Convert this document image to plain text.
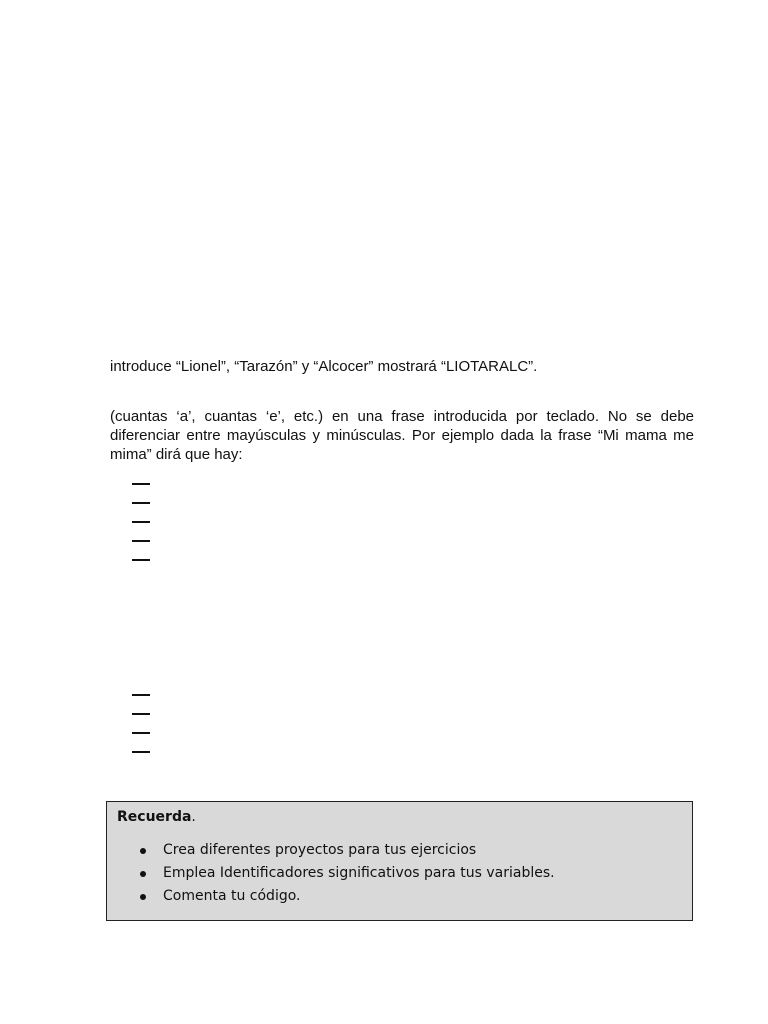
introduce “Lionel”, “Tarazón” y “Alcocer” mostrará “LIOTARALC”.

(cuantas ‘a’, cuantas ‘e’, etc.) en una frase introducida por teclado. No se debe diferenciar entre mayúsculas y minúsculas. Por ejemplo dada la frase “Mi mama me mima” dirá que hay:

Recuerda.

Crea diferentes proyectos para tus ejercicios
Emplea Identificadores significativos para tus variables.
Comenta tu código.
